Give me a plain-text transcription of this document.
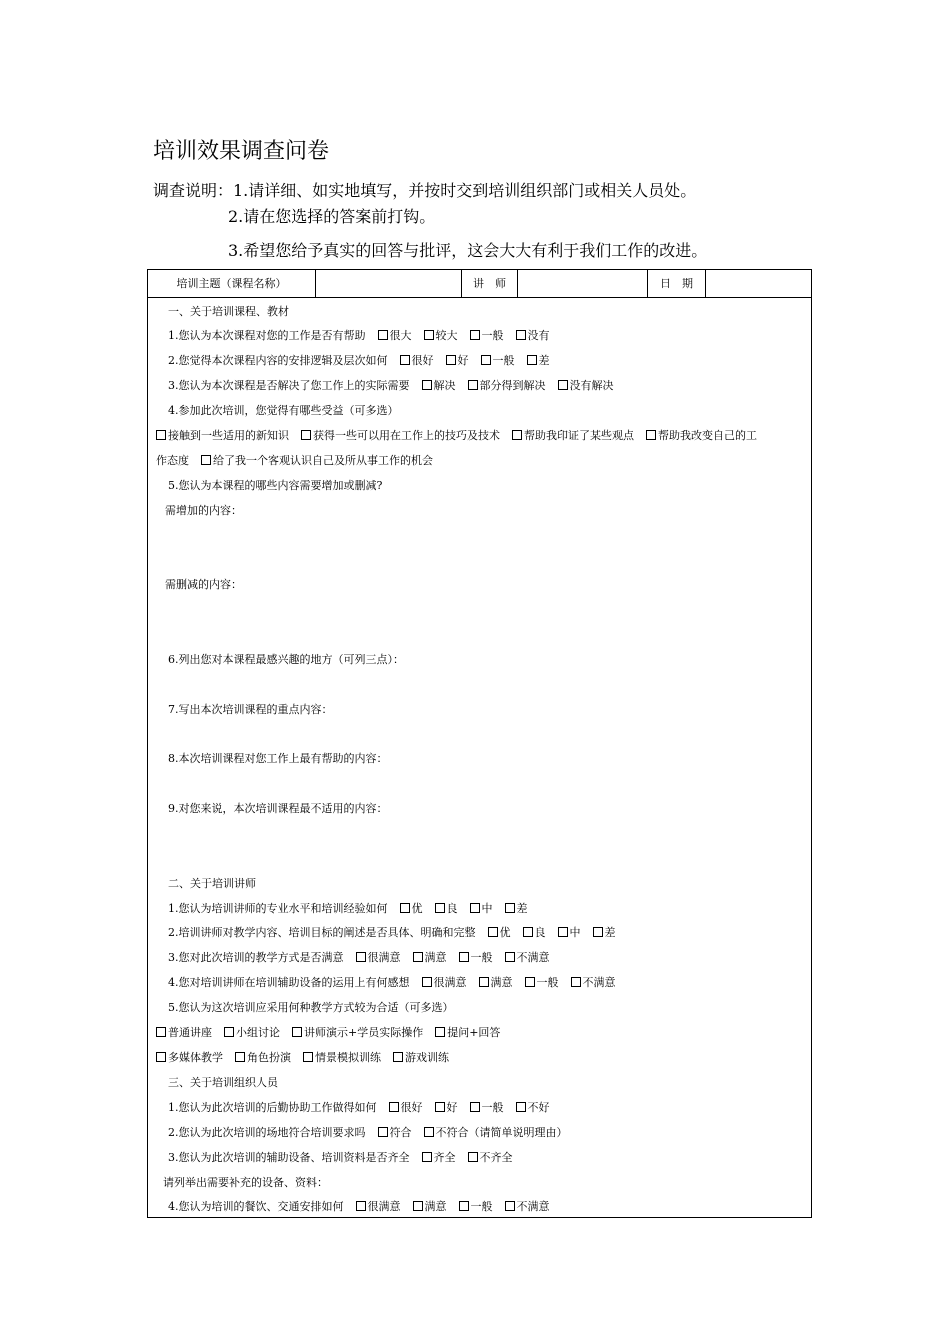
培训效果调查问卷
调查说明：1.请详细、如实地填写，并按时交到培训组织部门或相关人员处。
2.请在您选择的答案前打钩。
3.希望您给予真实的回答与批评，这会大大有利于我们工作的改进。
培训主题（课程名称）	讲　师	日　期
一、关于培训课程、教材
1.您认为本次课程对您的工作是否有帮助 很大 较大 一般 没有
2.您觉得本次课程内容的安排逻辑及层次如何 很好 好 一般 差
3.您认为本次课程是否解决了您工作上的实际需要 解决 部分得到解决 没有解决
4.参加此次培训，您觉得有哪些受益（可多选）
接触到一些适用的新知识 获得一些可以用在工作上的技巧及技术 帮助我印证了某些观点 帮助我改变自己的工
作态度 给了我一个客观认识自己及所从事工作的机会
5.您认为本课程的哪些内容需要增加或删减?
需增加的内容：
需删减的内容：
6.列出您对本课程最感兴趣的地方（可列三点）：
7.写出本次培训课程的重点内容：
8.本次培训课程对您工作上最有帮助的内容：
9.对您来说，本次培训课程最不适用的内容：
二、关于培训讲师
1.您认为培训讲师的专业水平和培训经验如何 优 良 中 差
2.培训讲师对教学内容、培训目标的阐述是否具体、明确和完整 优 良 中 差
3.您对此次培训的教学方式是否满意 很满意 满意 一般 不满意
4.您对培训讲师在培训辅助设备的运用上有何感想 很满意 满意 一般 不满意
5.您认为这次培训应采用何种教学方式较为合适（可多选）
普通讲座 小组讨论 讲师演示+学员实际操作 提问+回答
多媒体教学 角色扮演 情景模拟训练 游戏训练
三、关于培训组织人员
1.您认为此次培训的后勤协助工作做得如何 很好 好 一般 不好
2.您认为此次培训的场地符合培训要求吗 符合 不符合（请简单说明理由）
3.您认为此次培训的辅助设备、培训资料是否齐全 齐全 不齐全
请列举出需要补充的设备、资料：
4.您认为培训的餐饮、交通安排如何 很满意 满意 一般 不满意
